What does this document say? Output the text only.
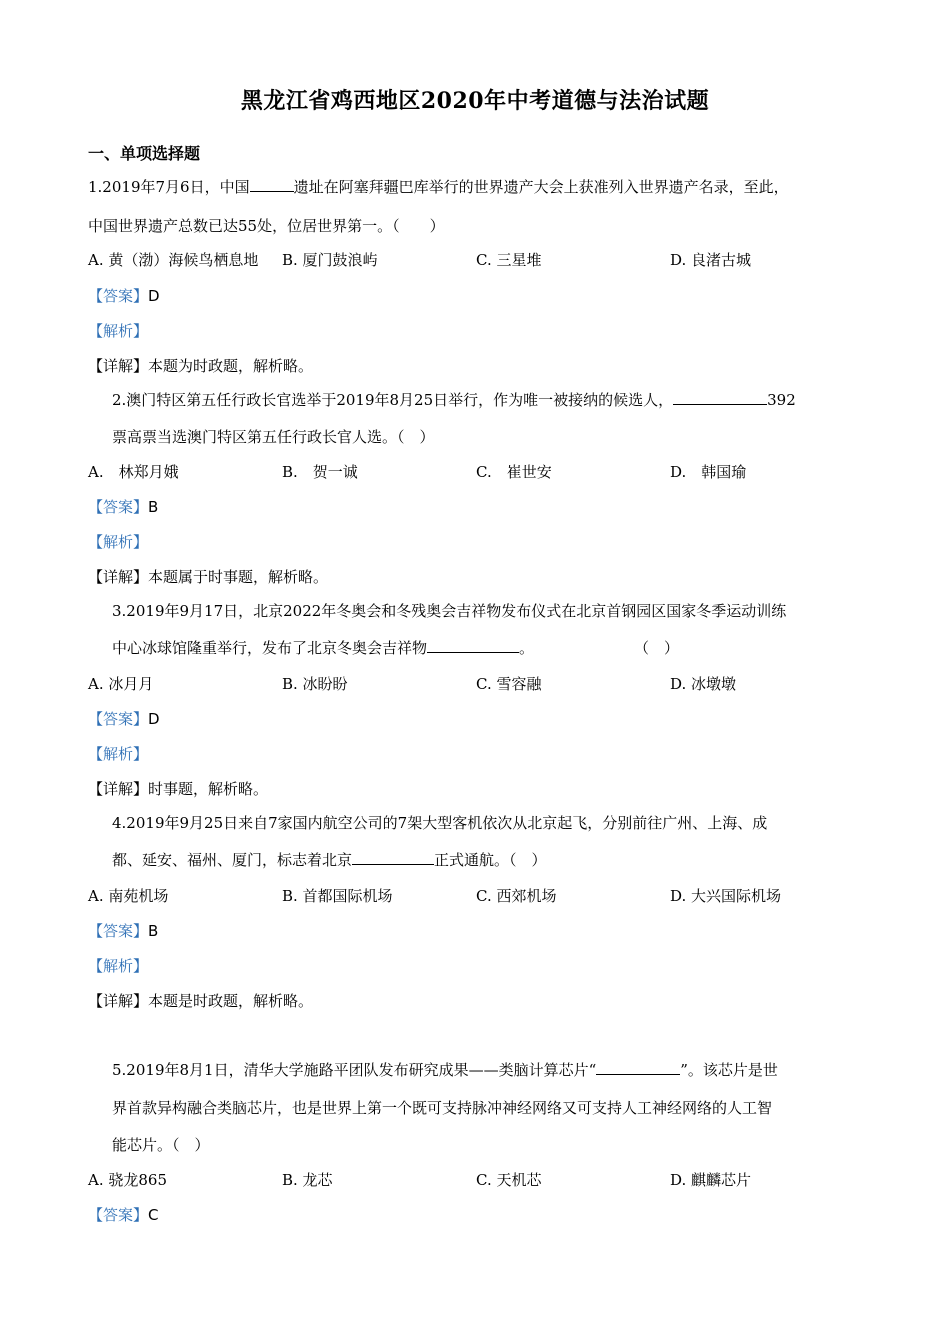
黑龙江省鸡西地区2020年中考道德与法治试题
一、单项选择题
1.2019年7月6日，中国	遗址在阿塞拜疆巴库举行的世界遗产大会上获准列入世界遗产名录，至此，
中国世界遗产总数已达55处，位居世界第一。（　　）
A. 黄（渤）海候鸟栖息地 B. 厦门鼓浪屿	C. 三星堆	D. 良渚古城
【答案】D
【解析】
【详解】本题为时政题，解析略。
2.澳门特区第五任行政长官选举于2019年8月25日举行，作为唯一被接纳的候选人，	392
票高票当选澳门特区第五任行政长官人选。（　）
A.　林郑月娥	B.　贺一诚	C.　崔世安	D.　韩国瑜
【答案】B
【解析】
【详解】本题属于时事题，解析略。
3.2019年9月17日，北京2022年冬奥会和冬残奥会吉祥物发布仪式在北京首钢园区国家冬季运动训练
中心冰球馆隆重举行，发布了北京冬奥会吉祥物	。	（　）
A. 冰月月	B. 冰盼盼	C. 雪容融	D. 冰墩墩
【答案】D
【解析】
【详解】时事题，解析略。
4.2019年9月25日来自7家国内航空公司的7架大型客机依次从北京起飞，分别前往广州、上海、成
都、延安、福州、厦门，标志着北京	正式通航。（　）
A. 南苑机场	B. 首都国际机场	C. 西郊机场	D. 大兴国际机场
【答案】B
【解析】
【详解】本题是时政题，解析略。
5.2019年8月1日，清华大学施路平团队发布研究成果——类脑计算芯片“	”。该芯片是世
界首款异构融合类脑芯片，也是世界上第一个既可支持脉冲神经网络又可支持人工神经网络的人工智
能芯片。（　）
A. 骁龙865	B. 龙芯	C. 天机芯	D. 麒麟芯片
【答案】C
